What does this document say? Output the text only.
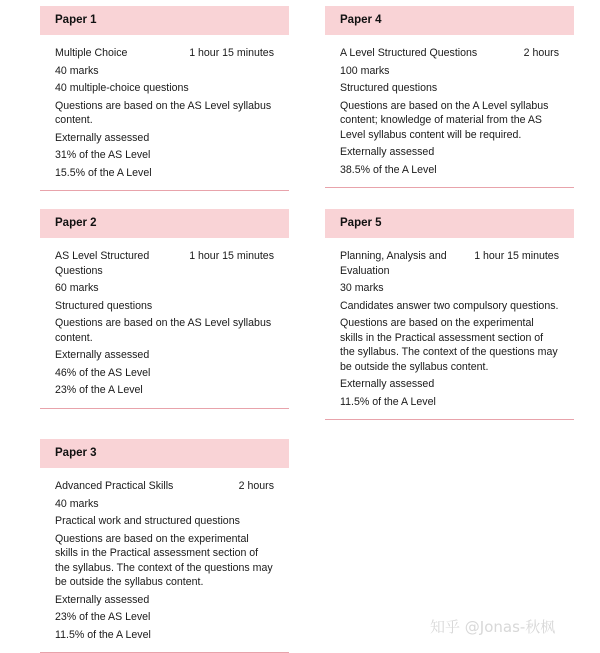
Paper 1
Multiple Choice	1 hour 15 minutes
40 marks
40 multiple-choice questions
Questions are based on the AS Level syllabus content.
Externally assessed
31% of the AS Level
15.5% of the A Level
Paper 4
A Level Structured Questions	2 hours
100 marks
Structured questions
Questions are based on the A Level syllabus content; knowledge of material from the AS Level syllabus content will be required.
Externally assessed
38.5% of the A Level
Paper 2
AS Level Structured Questions
1 hour 15 minutes
60 marks
Structured questions
Questions are based on the AS Level syllabus content.
Externally assessed
46% of the AS Level
23% of the A Level
Paper 5
Planning, Analysis and Evaluation
1 hour 15 minutes
30 marks
Candidates answer two compulsory questions.
Questions are based on the experimental skills in the Practical assessment section of the syllabus. The context of the questions may be outside the syllabus content.
Externally assessed
11.5% of the A Level
Paper 3
Advanced Practical Skills	2 hours
40 marks
Practical work and structured questions
Questions are based on the experimental skills in the Practical assessment section of the syllabus. The context of the questions may be outside the syllabus content.
Externally assessed
23% of the AS Level
11.5% of the A Level	知乎 @Jonas-秋枫
